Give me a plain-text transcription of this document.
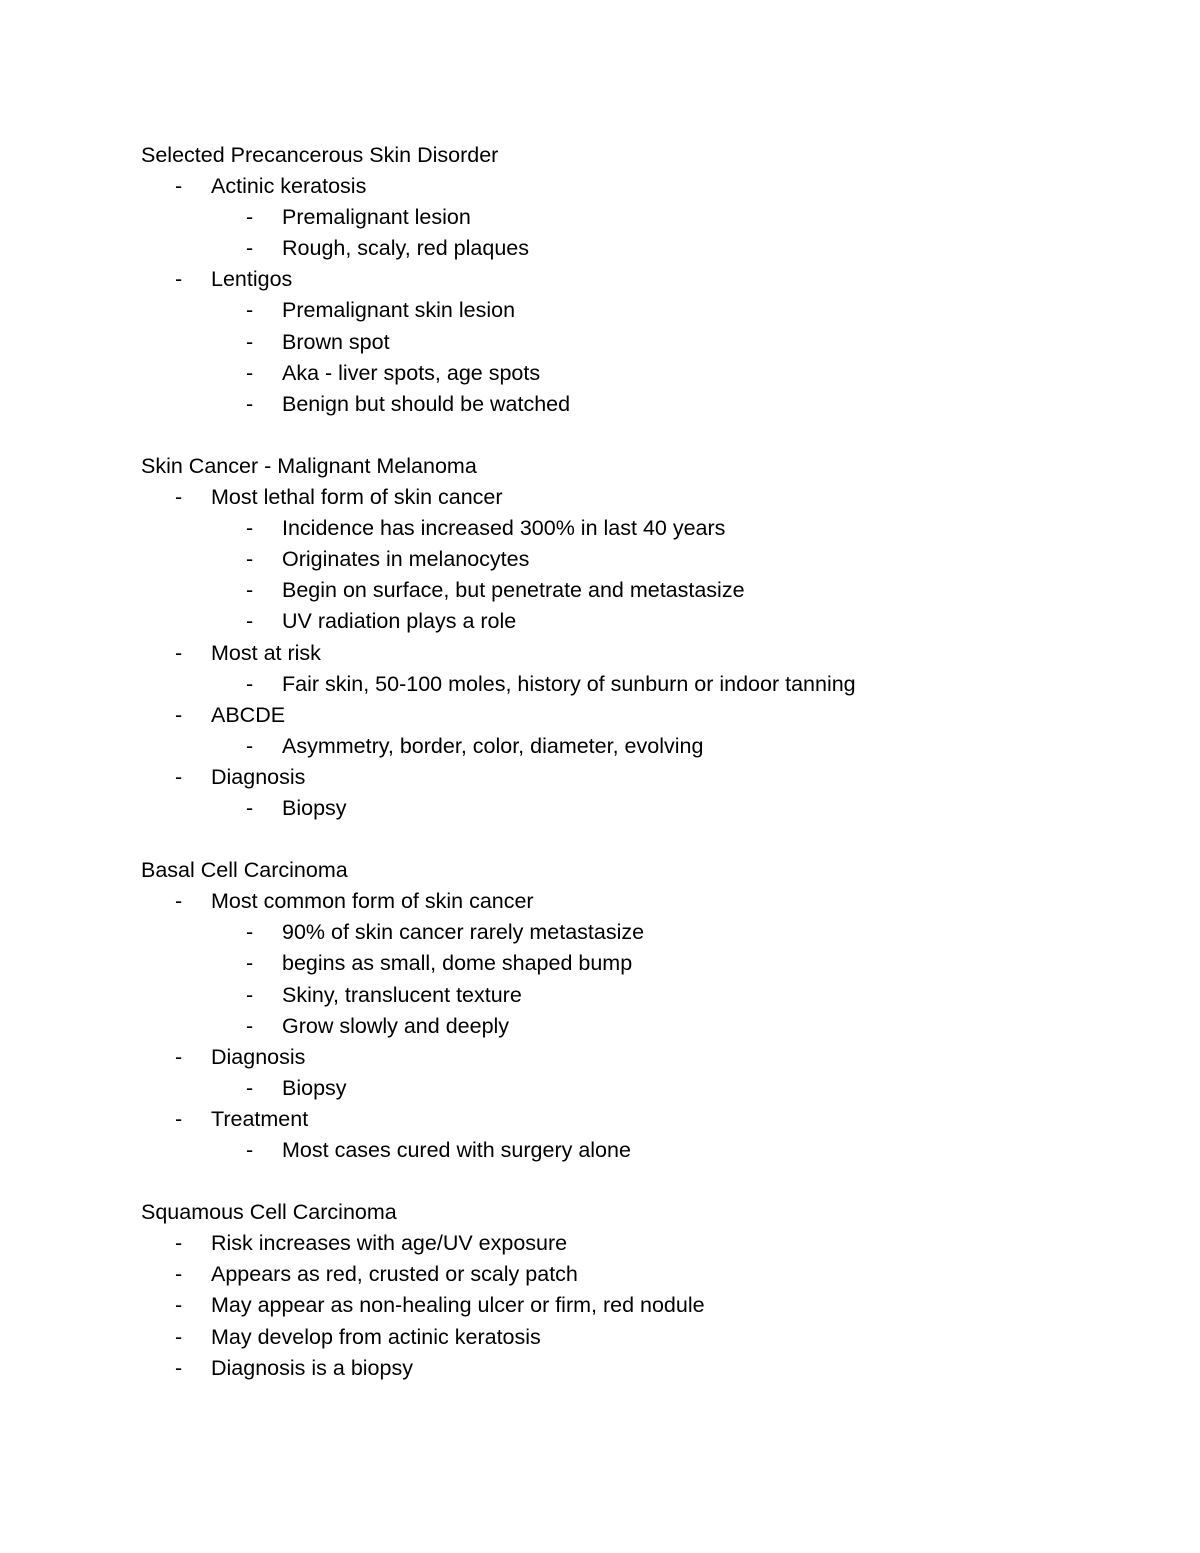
Selected Precancerous Skin Disorder
- Actinic keratosis
- Premalignant lesion
- Rough, scaly, red plaques
- Lentigos
- Premalignant skin lesion
- Brown spot
- Aka - liver spots, age spots
- Benign but should be watched
Skin Cancer - Malignant Melanoma
- Most lethal form of skin cancer
- Incidence has increased 300% in last 40 years
- Originates in melanocytes
- Begin on surface, but penetrate and metastasize
- UV radiation plays a role
- Most at risk
- Fair skin, 50-100 moles, history of sunburn or indoor tanning
- ABCDE
- Asymmetry, border, color, diameter, evolving
- Diagnosis
- Biopsy
Basal Cell Carcinoma
- Most common form of skin cancer
- 90% of skin cancer rarely metastasize
- begins as small, dome shaped bump
- Skiny, translucent texture
- Grow slowly and deeply
- Diagnosis
- Biopsy
- Treatment
- Most cases cured with surgery alone
Squamous Cell Carcinoma
- Risk increases with age/UV exposure
- Appears as red, crusted or scaly patch
- May appear as non-healing ulcer or firm, red nodule
- May develop from actinic keratosis
- Diagnosis is a biopsy
